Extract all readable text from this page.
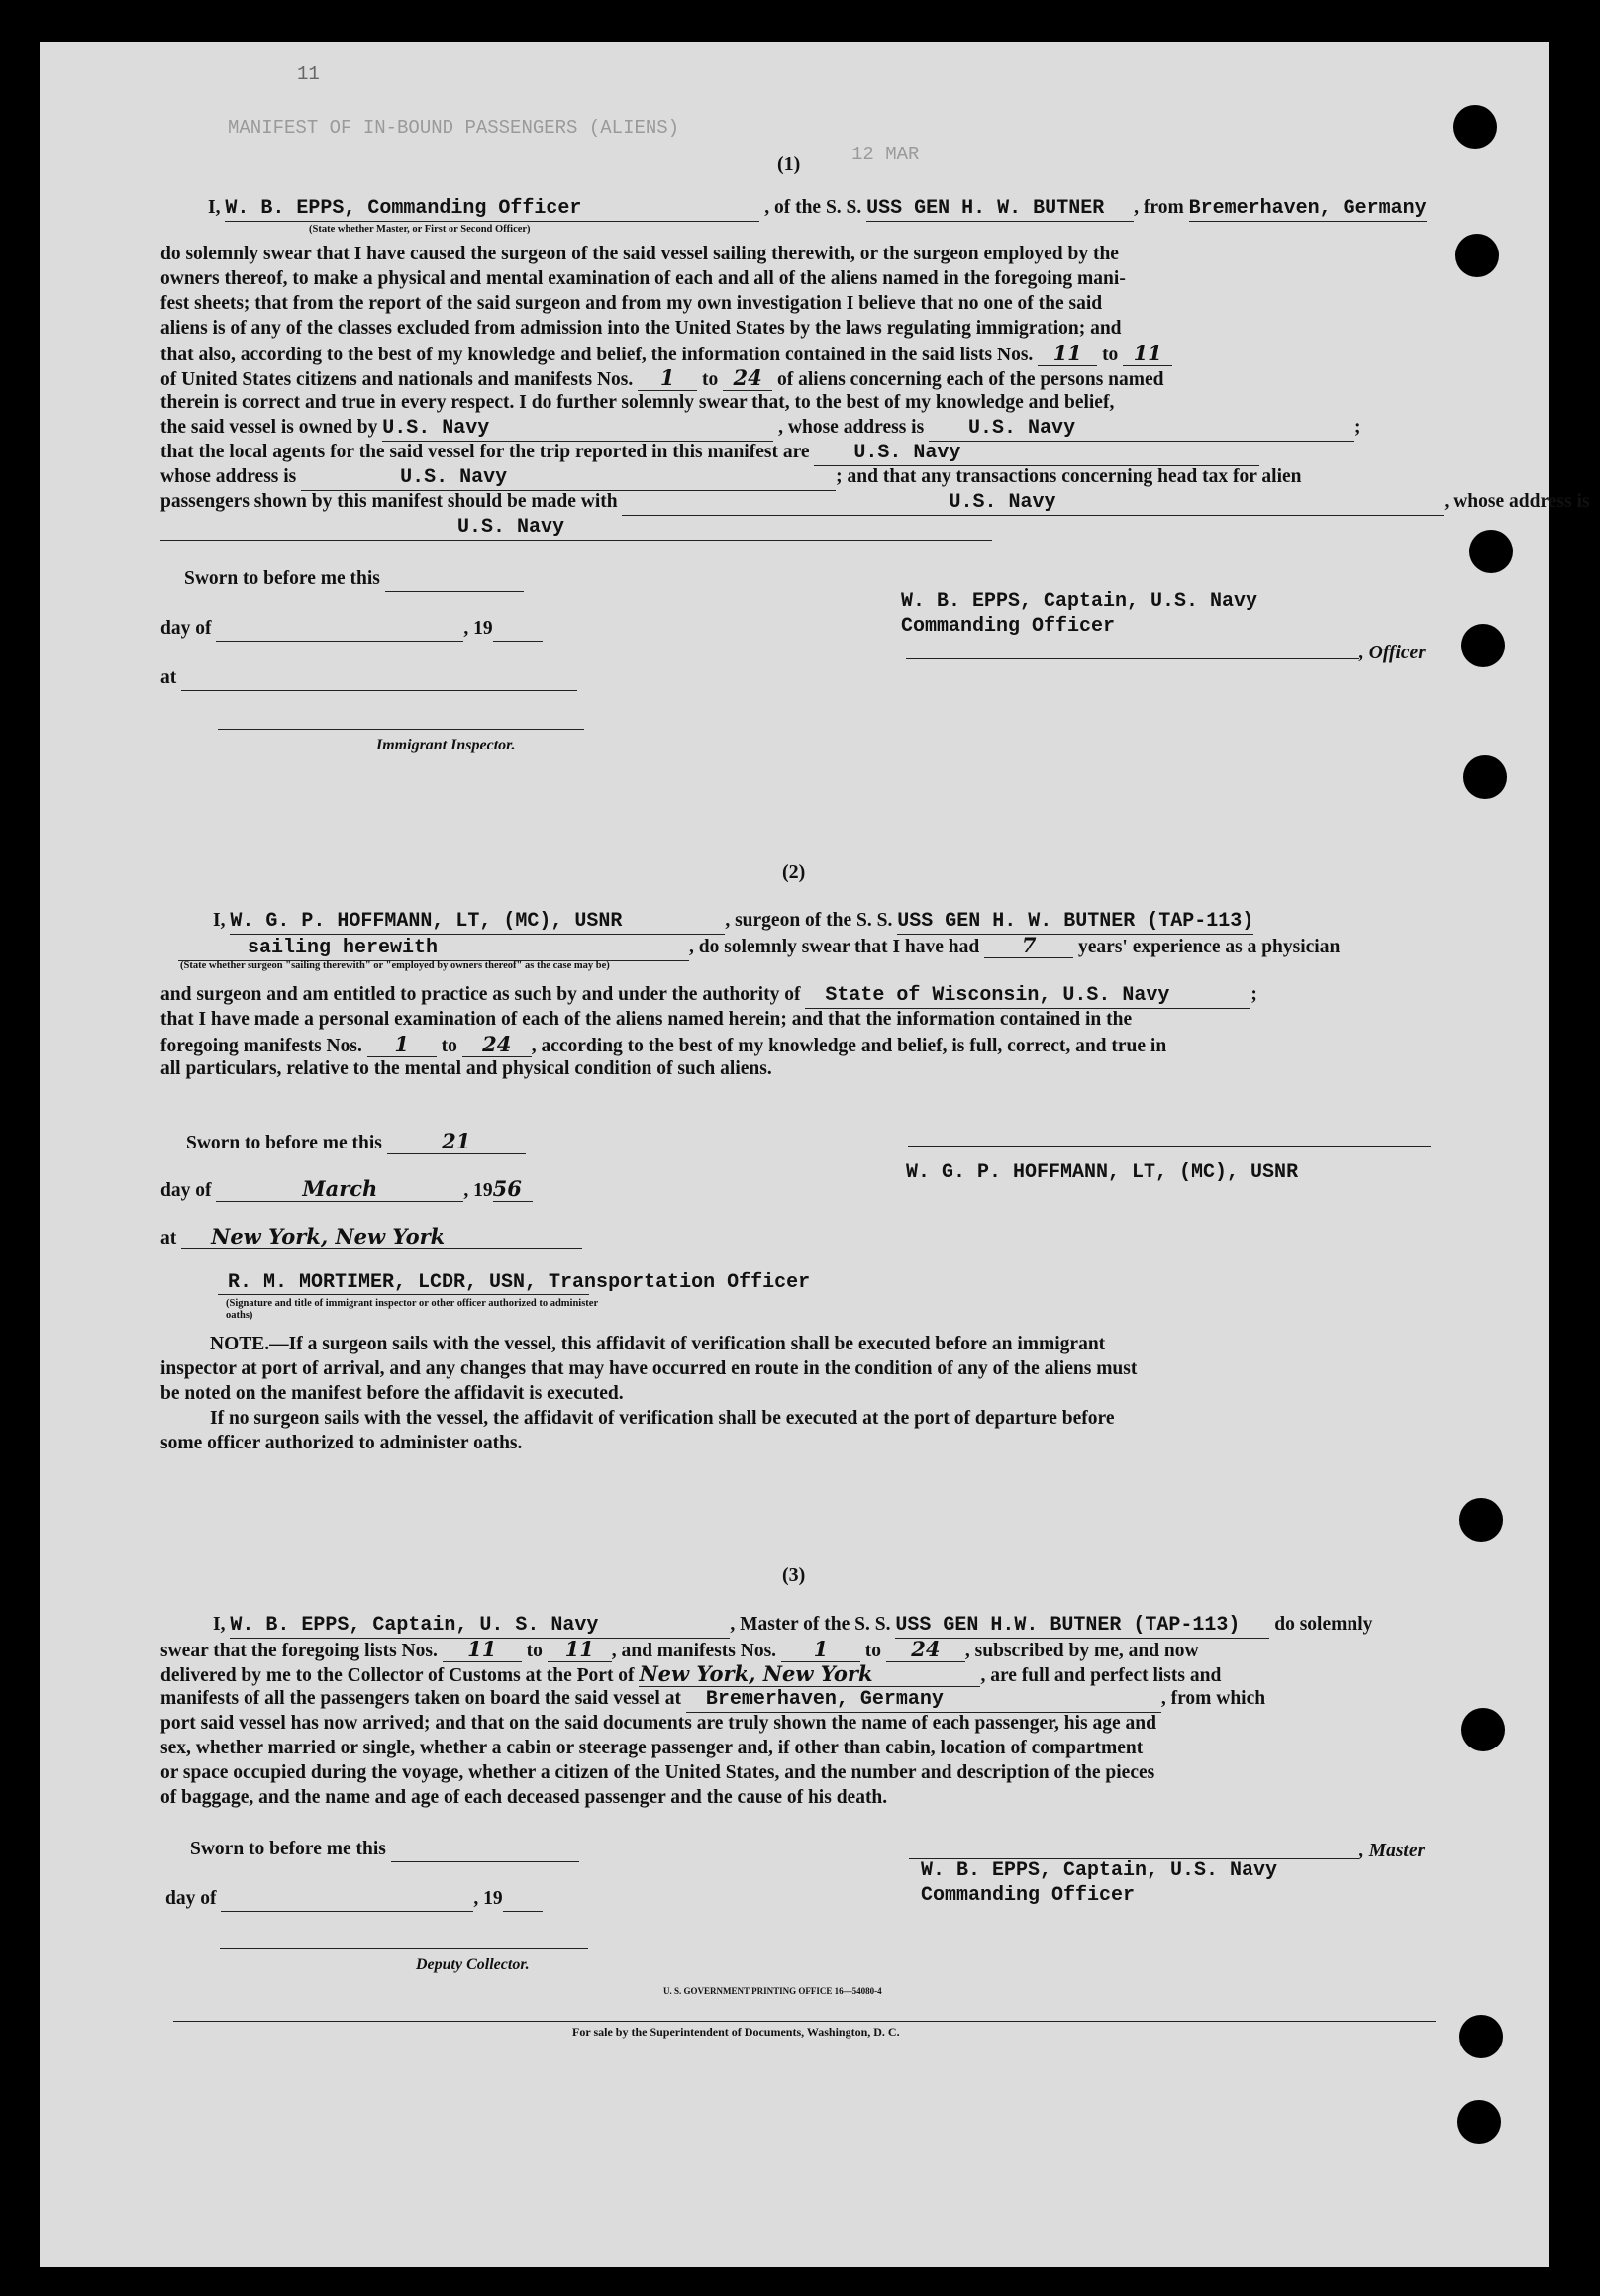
11
MANIFEST OF IN-BOUND PASSENGERS (ALIENS)
12 MAR
(1)
I, W. B. EPPS, Commanding Officer	, of the S. S. USS GEN H. W. BUTNER , from Bremerhaven, Germany
(State whether Master, or First or Second Officer)
do solemnly swear that I have caused the surgeon of the said vessel sailing therewith, or the surgeon employed by the
owners thereof, to make a physical and mental examination of each and all of the aliens named in the foregoing mani-
fest sheets; that from the report of the said surgeon and from my own investigation I believe that no one of the said
aliens is of any of the classes excluded from admission into the United States by the laws regulating immigration; and
that also, according to the best of my knowledge and belief, the information contained in the said lists Nos. 11 to 11
of United States citizens and nationals and manifests Nos. 1 to 24 of aliens concerning each of the persons named
therein is correct and true in every respect. I do further solemnly swear that, to the best of my knowledge and belief,
the said vessel is owned by U.S. Navy	, whose address is U.S. Navy	;
that the local agents for the said vessel for the trip reported in this manifest are U.S. Navy
whose address is	U.S. Navy	; and that any transactions concerning head tax for alien
passengers shown by this manifest should be made with	U.S. Navy	, whose address is
U.S. Navy
Sworn to before me this
day of	, 19
at
Immigrant Inspector.
W. B. EPPS, Captain, U.S. Navy
Commanding Officer
, Officer
(2)
I, W. G. P. HOFFMANN, LT, (MC), USNR	, surgeon of the S. S. USS GEN H. W. BUTNER (TAP-113)
sailing herewith	, do solemnly swear that I have had 7 years' experience as a physician
(State whether surgeon "sailing therewith" or "employed by owners thereof" as the case may be)
and surgeon and am entitled to practice as such by and under the authority of State of Wisconsin, U.S. Navy	;
that I have made a personal examination of each of the aliens named herein; and that the information contained in the
foregoing manifests Nos. 1 to 24 , according to the best of my knowledge and belief, is full, correct, and true in
all particulars, relative to the mental and physical condition of such aliens.
Sworn to before me this	21
day of	March	, 1956
at New York, New York
R. M. MORTIMER, LCDR, USN, Transportation Officer
(Signature and title of immigrant inspector or other officer authorized to administer oaths)
W. G. P. HOFFMANN, LT, (MC), USNR
NOTE.—If a surgeon sails with the vessel, this affidavit of verification shall be executed before an immigrant
inspector at port of arrival, and any changes that may have occurred en route in the condition of any of the aliens must
be noted on the manifest before the affidavit is executed.
If no surgeon sails with the vessel, the affidavit of verification shall be executed at the port of departure before
some officer authorized to administer oaths.
(3)
I, W. B. EPPS, Captain, U. S. Navy	, Master of the S. S. USS GEN H.W. BUTNER (TAP-113) do solemnly
swear that the foregoing lists Nos. 11 to 11 , and manifests Nos. 1 to 24 , subscribed by me, and now
delivered by me to the Collector of Customs at the Port of New York, New York	, are full and perfect lists and
manifests of all the passengers taken on board the said vessel at Bremerhaven, Germany	, from which
port said vessel has now arrived; and that on the said documents are truly shown the name of each passenger, his age and
sex, whether married or single, whether a cabin or steerage passenger and, if other than cabin, location of compartment
or space occupied during the voyage, whether a citizen of the United States, and the number and description of the pieces
of baggage, and the name and age of each deceased passenger and the cause of his death.
Sworn to before me this
day of	, 19
Deputy Collector.
, Master
W. B. EPPS, Captain, U.S. Navy
Commanding Officer
U. S. GOVERNMENT PRINTING OFFICE 16—54080-4
For sale by the Superintendent of Documents, Washington, D. C.
